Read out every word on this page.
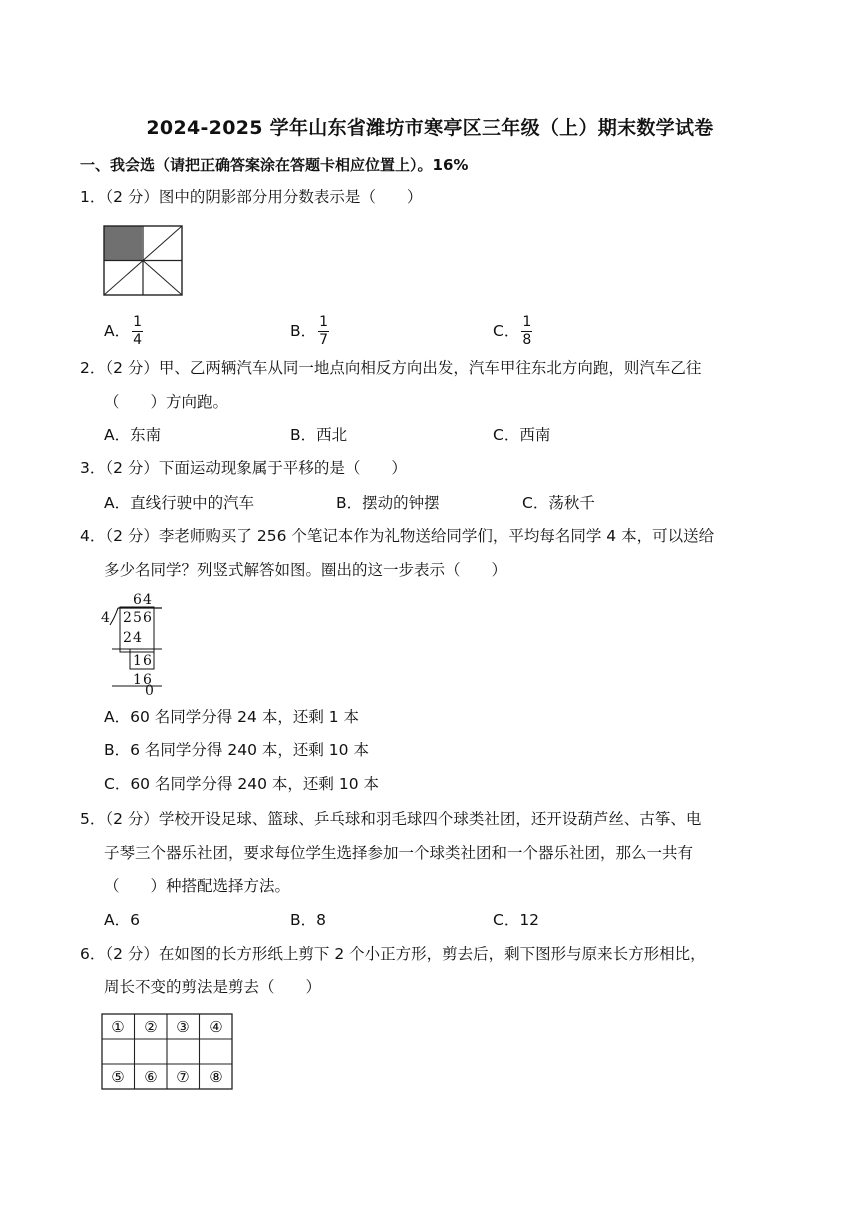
2024-2025 学年山东省潍坊市寒亭区三年级（上）期末数学试卷
一、我会选（请把正确答案涂在答题卡相应位置上）。16%
1．（2 分）图中的阴影部分用分数表示是（　　）
A． $\frac{1}{4}$	B． $\frac{1}{7}$	C． $\frac{1}{8}$
2．（2 分）甲、乙两辆汽车从同一地点向相反方向出发，汽车甲往东北方向跑，则汽车乙往
（　　）方向跑。
A．东南	B．西北	C．西南
3．（2 分）下面运动现象属于平移的是（　　）
A．直线行驶中的汽车	B．摆动的钟摆	C．荡秋千
4．（2 分）李老师购买了 256 个笔记本作为礼物送给同学们，平均每名同学 4 本，可以送给
多少名同学？列竖式解答如图。圈出的这一步表示（　　）
6 4
4 2 5 6
2 4
1 6
1 6
0
A．60 名同学分得 24 本，还剩 1 本
B．6 名同学分得 240 本，还剩 10 本
C．60 名同学分得 240 本，还剩 10 本
5．（2 分）学校开设足球、篮球、乒乓球和羽毛球四个球类社团，还开设葫芦丝、古筝、电
子琴三个器乐社团，要求每位学生选择参加一个球类社团和一个器乐社团，那么一共有
（　　）种搭配选择方法。
A．6	B．8	C．12
6．（2 分）在如图的长方形纸上剪下 2 个小正方形，剪去后，剩下图形与原来长方形相比，
周长不变的剪法是剪去（　　）
① ② ③ ④
⑤ ⑥ ⑦ ⑧
